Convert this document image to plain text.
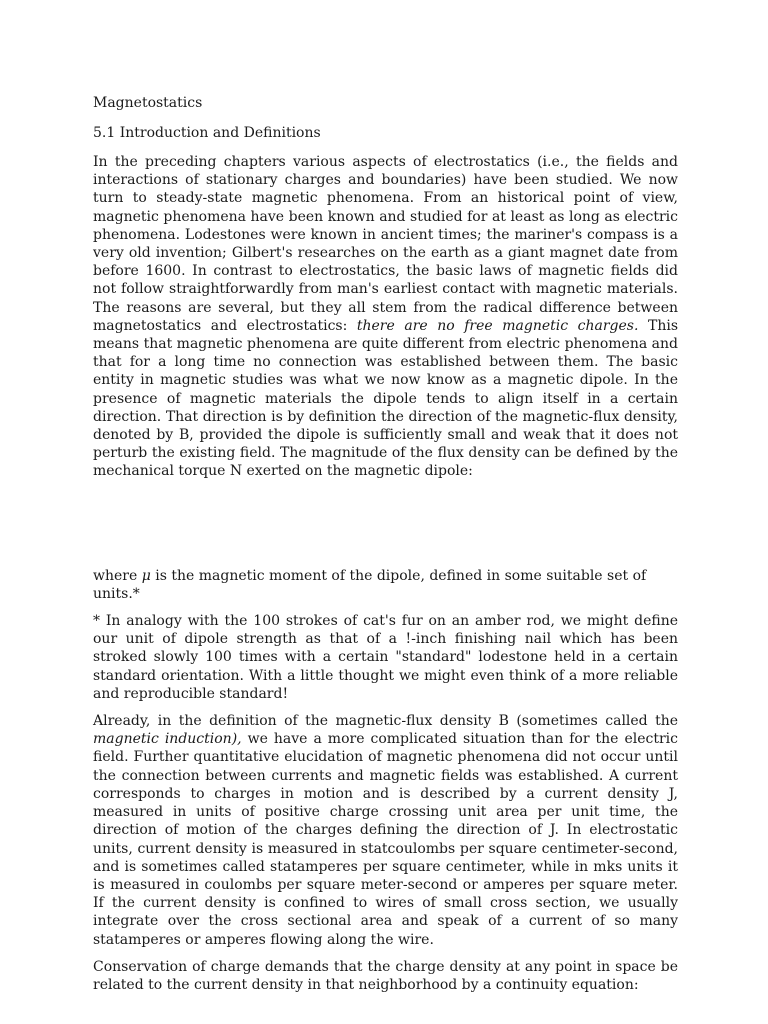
Magnetostatics
5.1 Introduction and Definitions

In the preceding chapters various aspects of electrostatics (i.e., the fields and interactions of stationary charges and boundaries) have been studied. We now turn to steady-state magnetic phenomena. From an historical point of view, magnetic phenomena have been known and studied for at least as long as electric phenomena. Lodestones were known in ancient times; the mariner's compass is a very old invention; Gilbert's researches on the earth as a giant magnet date from before 1600. In contrast to electrostatics, the basic laws of magnetic fields did not follow straightforwardly from man's earliest contact with magnetic materials. The reasons are several, but they all stem from the radical difference between magnetostatics and electrostatics: there are no free magnetic charges. This means that magnetic phenomena are quite different from electric phenomena and that for a long time no connection was established between them. The basic entity in magnetic studies was what we now know as a magnetic dipole. In the presence of magnetic materials the dipole tends to align itself in a certain direction. That direction is by definition the direction of the magnetic-flux density, denoted by B, provided the dipole is sufficiently small and weak that it does not perturb the existing field. The magnitude of the flux density can be defined by the mechanical torque N exerted on the magnetic dipole:

where μ is the magnetic moment of the dipole, defined in some suitable set of units.*

* In analogy with the 100 strokes of cat's fur on an amber rod, we might define our unit of dipole strength as that of a !-inch finishing nail which has been stroked slowly 100 times with a certain "standard" lodestone held in a certain standard orientation. With a little thought we might even think of a more reliable and reproducible standard!

Already, in the definition of the magnetic-flux density B (sometimes called the magnetic induction), we have a more complicated situation than for the electric field. Further quantitative elucidation of magnetic phenomena did not occur until the connection between currents and magnetic fields was established. A current corresponds to charges in motion and is described by a current density J, measured in units of positive charge crossing unit area per unit time, the direction of motion of the charges defining the direction of J. In electrostatic units, current density is measured in statcoulombs per square centimeter-second, and is sometimes called statamperes per square centimeter, while in mks units it is measured in coulombs per square meter-second or amperes per square meter. If the current density is confined to wires of small cross section, we usually integrate over the cross sectional area and speak of a current of so many statamperes or amperes flowing along the wire.

Conservation of charge demands that the charge density at any point in space be related to the current density in that neighborhood by a continuity equation:
